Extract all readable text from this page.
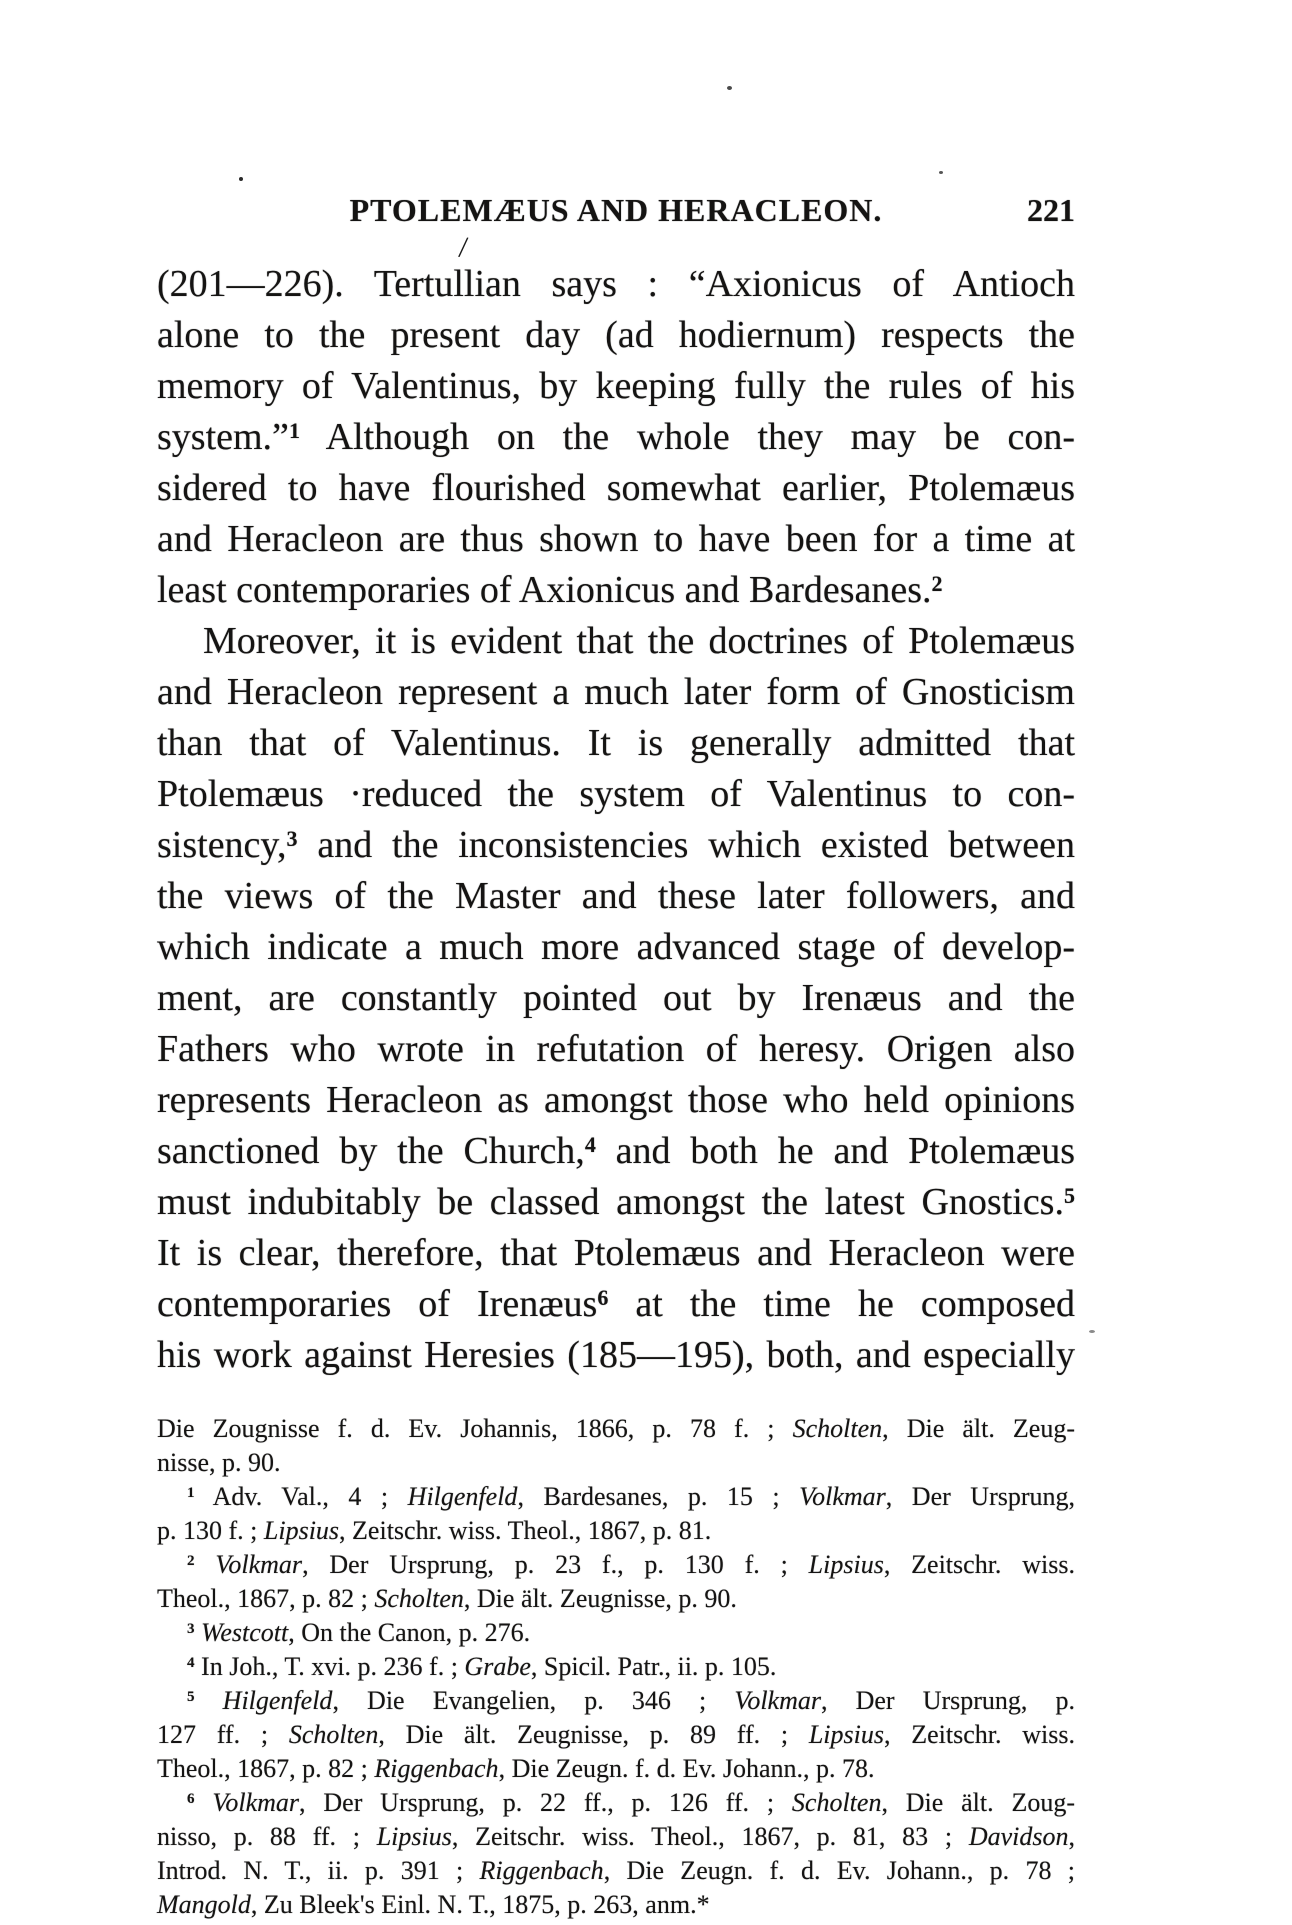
PTOLEMÆUS AND HERACLEON.	221
/
(201—226). Tertullian says : “Axionicus of Antioch
alone to the present day (ad hodiernum) respects the
memory of Valentinus, by keeping fully the rules of his
system.”$^1$ Although on the whole they may be con-
sidered to have flourished somewhat earlier, Ptolemæus
and Heracleon are thus shown to have been for a time at
least contemporaries of Axionicus and Bardesanes.$^2$
Moreover, it is evident that the doctrines of Ptolemæus
and Heracleon represent a much later form of Gnosticism
than that of Valentinus. It is generally admitted that
Ptolemæus ·reduced the system of Valentinus to con-
sistency,$^3$ and the inconsistencies which existed between
the views of the Master and these later followers, and
which indicate a much more advanced stage of develop-
ment, are constantly pointed out by Irenæus and the
Fathers who wrote in refutation of heresy. Origen also
represents Heracleon as amongst those who held opinions
sanctioned by the Church,$^4$ and both he and Ptolemæus
must indubitably be classed amongst the latest Gnostics.$^5$
It is clear, therefore, that Ptolemæus and Heracleon were
contemporaries of Irenæus$^6$ at the time he composed
his work against Heresies (185—195), both, and especially
Die Zougnisse f. d. Ev. Johannis, 1866, p. 78 f. ; Scholten, Die ält. Zeug-
nisse, p. 90.
$^1$ Adv. Val., 4 ; Hilgenfeld, Bardesanes, p. 15 ; Volkmar, Der Ursprung,
p. 130 f. ; Lipsius, Zeitschr. wiss. Theol., 1867, p. 81.
$^2$ Volkmar, Der Ursprung, p. 23 f., p. 130 f. ; Lipsius, Zeitschr. wiss.
Theol., 1867, p. 82 ; Scholten, Die ält. Zeugnisse, p. 90.
$^3$ Westcott, On the Canon, p. 276.
$^4$ In Joh., T. xvi. p. 236 f. ; Grabe, Spicil. Patr., ii. p. 105.
$^5$ Hilgenfeld, Die Evangelien, p. 346 ; Volkmar, Der Ursprung, p.
127 ff. ; Scholten, Die ält. Zeugnisse, p. 89 ff. ; Lipsius, Zeitschr. wiss.
Theol., 1867, p. 82 ; Riggenbach, Die Zeugn. f. d. Ev. Johann., p. 78.
$^6$ Volkmar, Der Ursprung, p. 22 ff., p. 126 ff. ; Scholten, Die ält. Zoug-
nisso, p. 88 ff. ; Lipsius, Zeitschr. wiss. Theol., 1867, p. 81, 83 ; Davidson,
Introd. N. T., ii. p. 391 ; Riggenbach, Die Zeugn. f. d. Ev. Johann., p. 78 ;
Mangold, Zu Bleek's Einl. N. T., 1875, p. 263, anm.*
